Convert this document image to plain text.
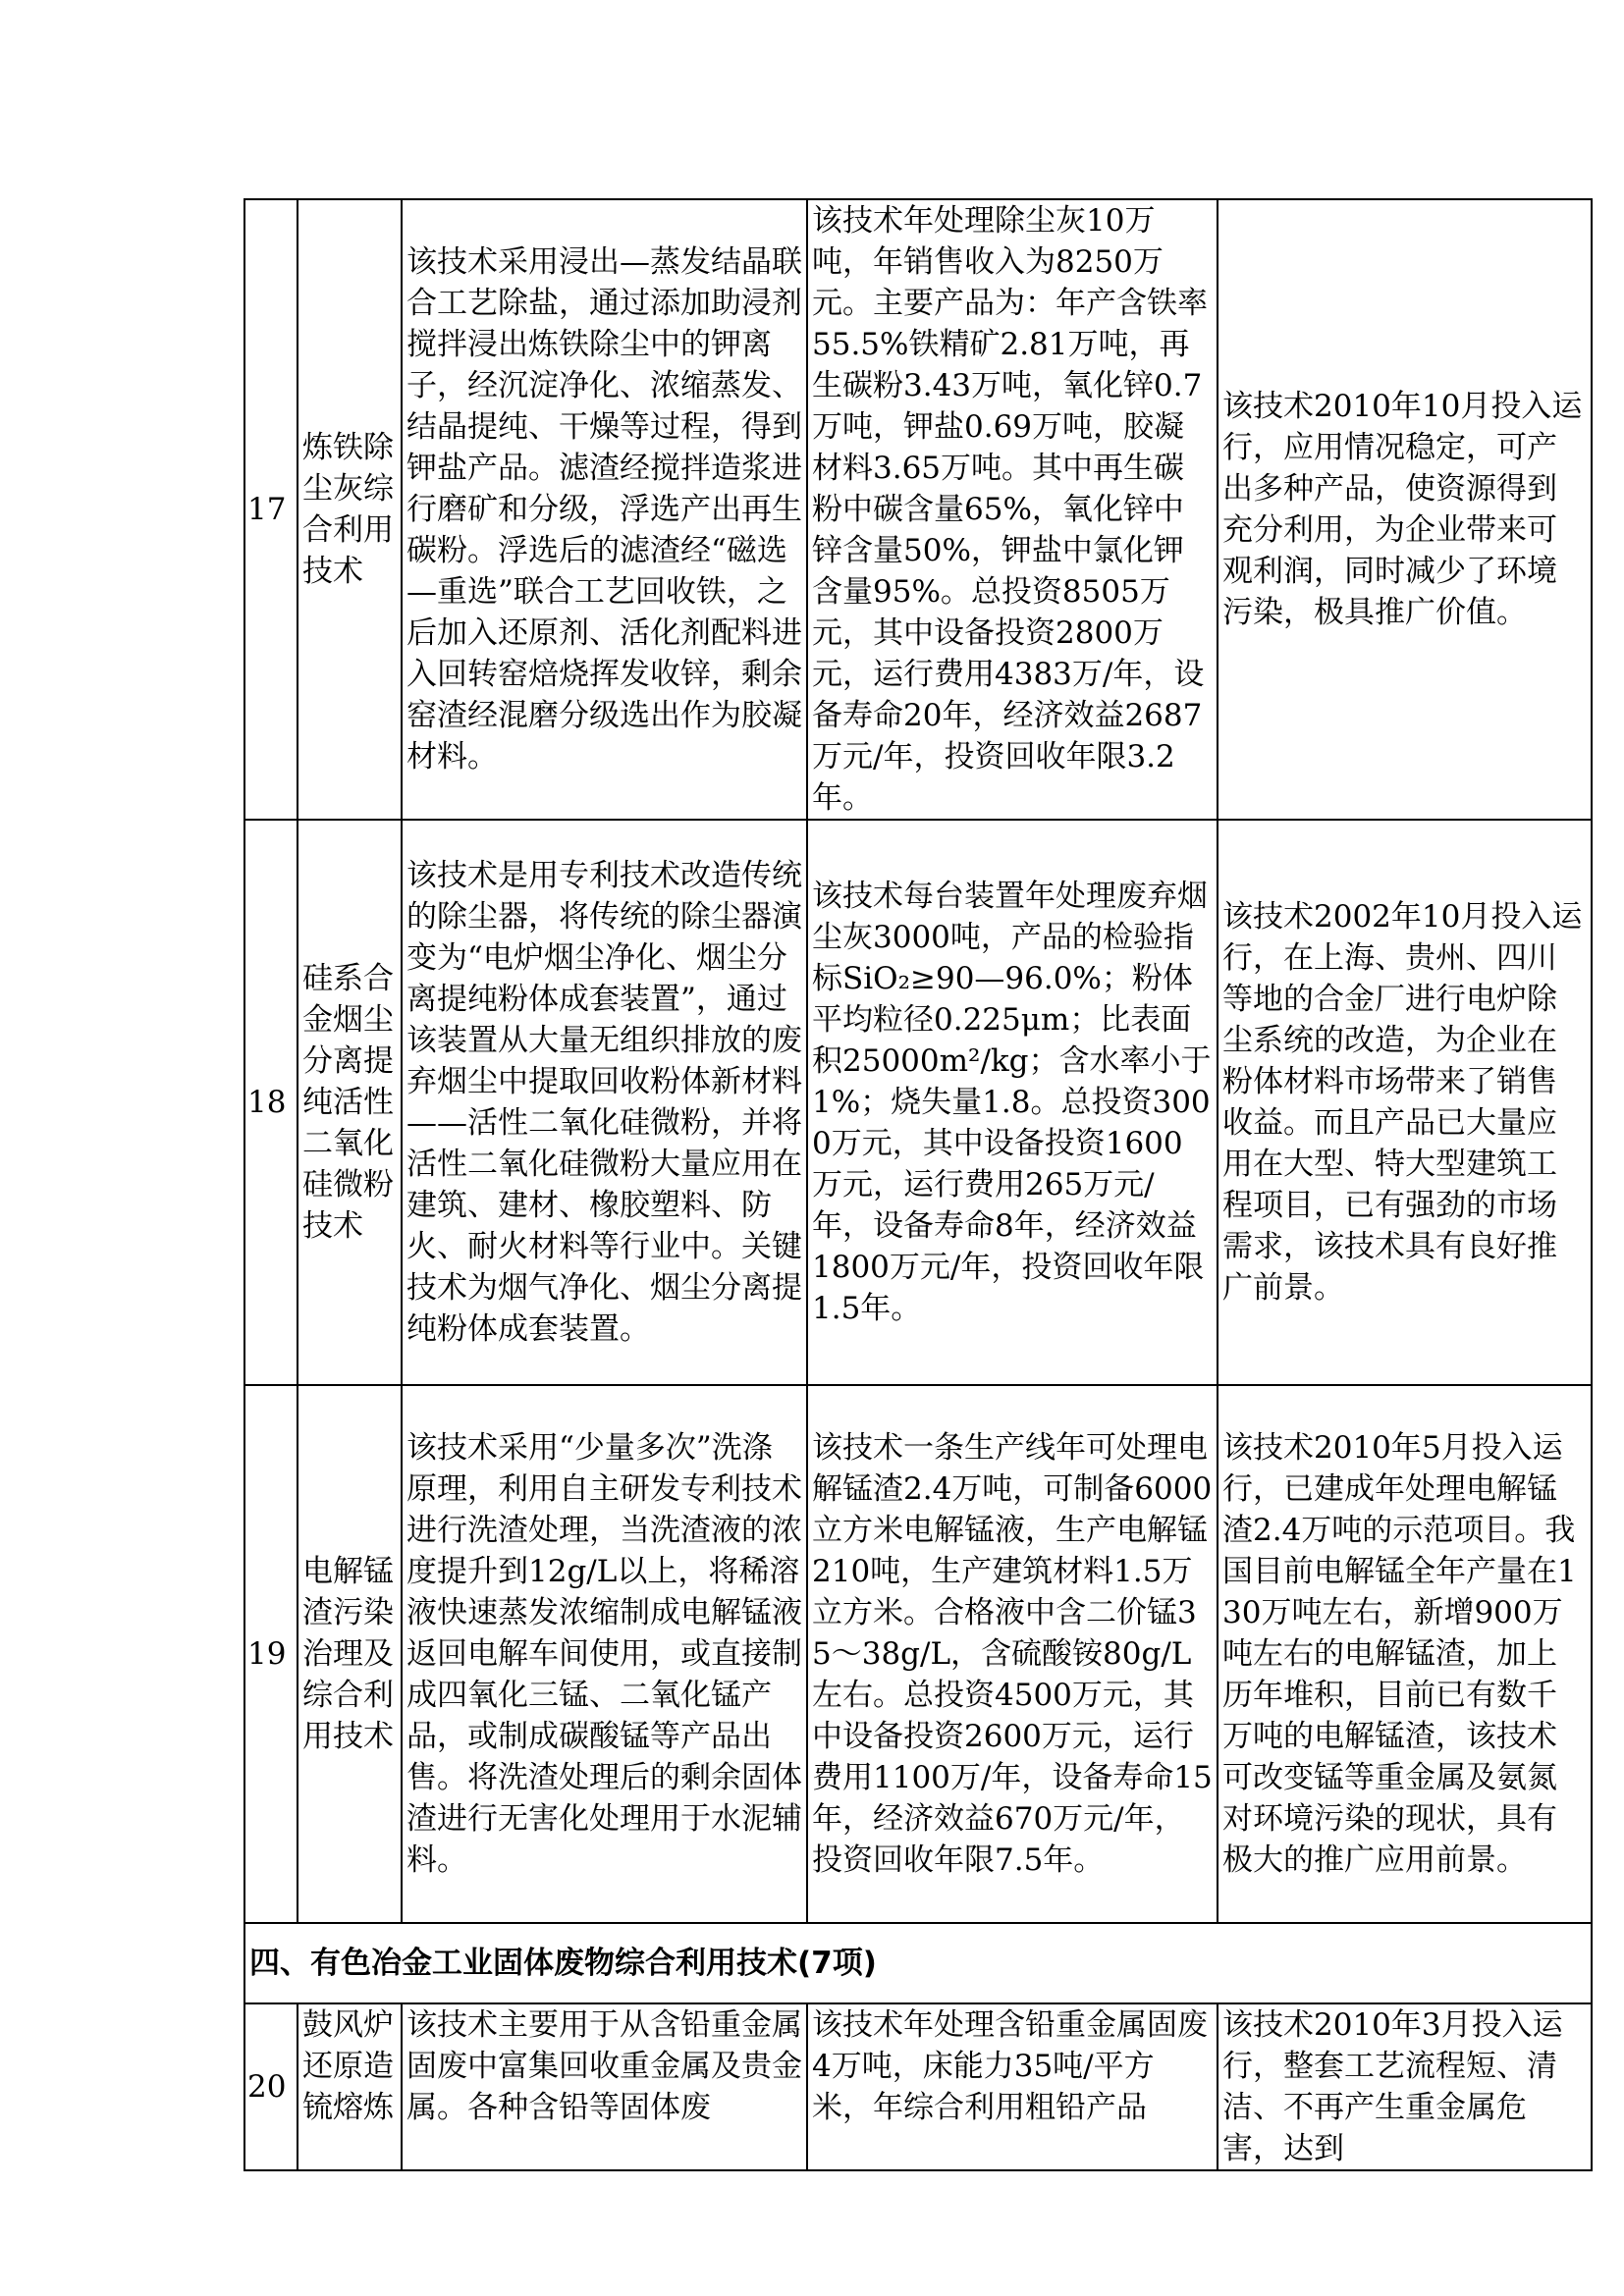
17	炼铁除尘灰综合利用技术	该技术采用浸出—蒸发结晶联合工艺除盐，通过添加助浸剂搅拌浸出炼铁除尘中的钾离子，经沉淀净化、浓缩蒸发、结晶提纯、干燥等过程，得到钾盐产品。滤渣经搅拌造浆进行磨矿和分级，浮选产出再生碳粉。浮选后的滤渣经“磁选—重选”联合工艺回收铁，之后加入还原剂、活化剂配料进入回转窑焙烧挥发收锌，剩余窑渣经混磨分级选出作为胶凝材料。	该技术年处理除尘灰10万吨，年销售收入为8250万元。主要产品为：年产含铁率55.5%铁精矿2.81万吨，再生碳粉3.43万吨，氧化锌0.7万吨，钾盐0.69万吨，胶凝材料3.65万吨。其中再生碳粉中碳含量65%，氧化锌中锌含量50%，钾盐中氯化钾含量95%。总投资8505万元，其中设备投资2800万元，运行费用4383万/年，设备寿命20年，经济效益2687万元/年，投资回收年限3.2年。	该技术2010年10月投入运行，应用情况稳定，可产出多种产品，使资源得到充分利用，为企业带来可观利润，同时减少了环境污染，极具推广价值。
18	硅系合金烟尘分离提纯活性二氧化硅微粉技术	该技术是用专利技术改造传统的除尘器，将传统的除尘器演变为“电炉烟尘净化、烟尘分离提纯粉体成套装置”，通过该装置从大量无组织排放的废弃烟尘中提取回收粉体新材料——活性二氧化硅微粉，并将活性二氧化硅微粉大量应用在建筑、建材、橡胶塑料、防火、耐火材料等行业中。关键技术为烟气净化、烟尘分离提纯粉体成套装置。	该技术每台装置年处理废弃烟尘灰3000吨，产品的检验指标SiO₂≥90—96.0%；粉体平均粒径0.225μm；比表面积25000m²/kg；含水率小于1%；烧失量1.8。总投资3000万元，其中设备投资1600万元，运行费用265万元/年，设备寿命8年，经济效益1800万元/年，投资回收年限1.5年。	该技术2002年10月投入运行，在上海、贵州、四川等地的合金厂进行电炉除尘系统的改造，为企业在粉体材料市场带来了销售收益。而且产品已大量应用在大型、特大型建筑工程项目，已有强劲的市场需求，该技术具有良好推广前景。
19	电解锰渣污染治理及综合利用技术	该技术采用“少量多次”洗涤原理，利用自主研发专利技术进行洗渣处理，当洗渣液的浓度提升到12g/L以上，将稀溶液快速蒸发浓缩制成电解锰液返回电解车间使用，或直接制成四氧化三锰、二氧化锰产品，或制成碳酸锰等产品出售。将洗渣处理后的剩余固体渣进行无害化处理用于水泥辅料。	该技术一条生产线年可处理电解锰渣2.4万吨，可制备6000立方米电解锰液，生产电解锰210吨，生产建筑材料1.5万立方米。合格液中含二价锰35～38g/L，含硫酸铵80g/L左右。总投资4500万元，其中设备投资2600万元，运行费用1100万/年，设备寿命15年，经济效益670万元/年，投资回收年限7.5年。	该技术2010年5月投入运行，已建成年处理电解锰渣2.4万吨的示范项目。我国目前电解锰全年产量在130万吨左右，新增900万吨左右的电解锰渣，加上历年堆积，目前已有数千万吨的电解锰渣，该技术可改变锰等重金属及氨氮对环境污染的现状，具有极大的推广应用前景。
四、有色冶金工业固体废物综合利用技术(7项)				
20	鼓风炉还原造锍熔炼	该技术主要用于从含铅重金属固废中富集回收重金属及贵金属。各种含铅等固体废	该技术年处理含铅重金属固废4万吨，床能力35吨/平方米，年综合利用粗铅产品	该技术2010年3月投入运行，整套工艺流程短、清洁、不再产生重金属危害，达到
